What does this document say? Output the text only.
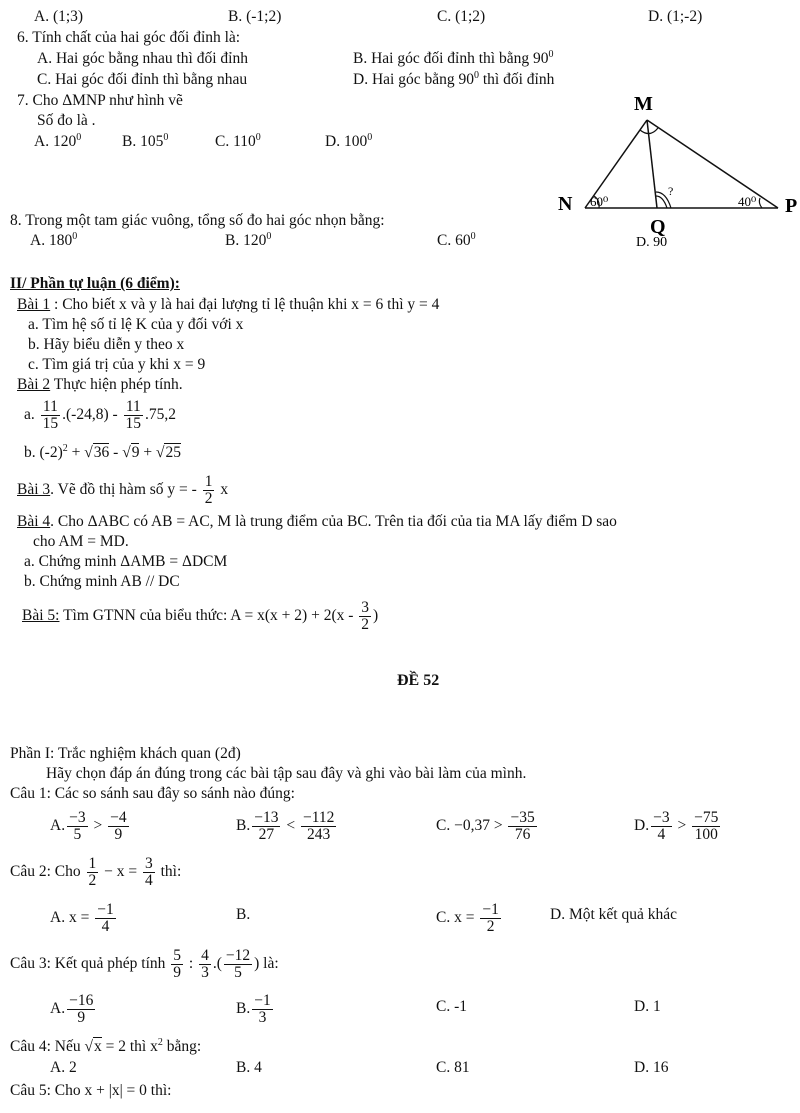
A. (1;3)	B. (-1;2)	C. (1;2)	D. (1;-2)
6. Tính chất của hai góc đối đỉnh là:
A. Hai góc bằng nhau thì đối đỉnh	B. Hai góc đối đỉnh thì bằng $90^0$
C. Hai góc đối đỉnh thì bằng nhau	D. Hai góc bằng $90^0$ thì đối đỉnh
7. Cho ΔMNP như hình vẽ
Số đo là .
A. $120^0$	B. $105^0$	C. $110^0$	D. $100^0$
M
N	P
Q
60⁰	40⁰
?
D. 90
8. Trong một tam giác vuông, tổng số đo hai góc nhọn bằng:
A. $180^0$	B. $120^0$	C. $60^0$
II/ Phần tự luận (6 điểm):
Bài 1 : Cho biết x và y là hai đại lượng tỉ lệ thuận khi x = 6 thì y = 4
a. Tìm hệ số tỉ lệ K của y đối với x
b. Hãy biểu diễn y theo x
c. Tìm giá trị của y khi x = 9
Bài 2 Thực hiện phép tính.
a. $\frac{11}{15} .(-24,8) - \frac{11}{15} .75,2$
b. $(-2)^2 + √36 - √9 + √25$
Bài 3. Vẽ đồ thị hàm số y = - $\frac{1}{2}$ x
Bài 4. Cho ΔABC có AB = AC, M là trung điểm của BC. Trên tia đối của tia MA lấy điểm D sao
cho AM = MD.
a. Chứng minh ΔAMB = ΔDCM
b. Chứng minh AB // DC
Bài 5: Tìm GTNN của biểu thức: $A = x(x + 2) + 2(x - \frac{3}{2}$ )
ĐỀ 52
Phần I: Trắc nghiệm khách quan (2đ)
Hãy chọn đáp án đúng trong các bài tập sau đây và ghi vào bài làm của mình.
Câu 1: Các so sánh sau đây so sánh nào đúng:
A. $\frac{-3}{5} > \frac{-4}{9}$	B. $\frac{-13}{27} < \frac{-112}{243}$	C. $-0,37 > \frac{-35}{76}$	D. $\frac{-3}{4} > \frac{-75}{100}$
Câu 2: Cho $\frac{1}{2} - x = \frac{3}{4}$ thì:
A. $x = \frac{-1}{4}$	B.	C. $x = \frac{-1}{2}$	D. Một kết quả khác
Câu 3: Kết quả phép tính $\frac{5}{9}$ : $\frac{4}{3}$ .( $\frac{-12}{5}$ ) là:
A. $\frac{-16}{9}$	B. $\frac{-1}{3}$	C. -1	D. 1
Câu 4: Nếu √x = 2 thì $x^2$ bằng:
A. 2	B. 4	C. 81	D. 16
Câu 5: Cho x + |x| = 0 thì:
